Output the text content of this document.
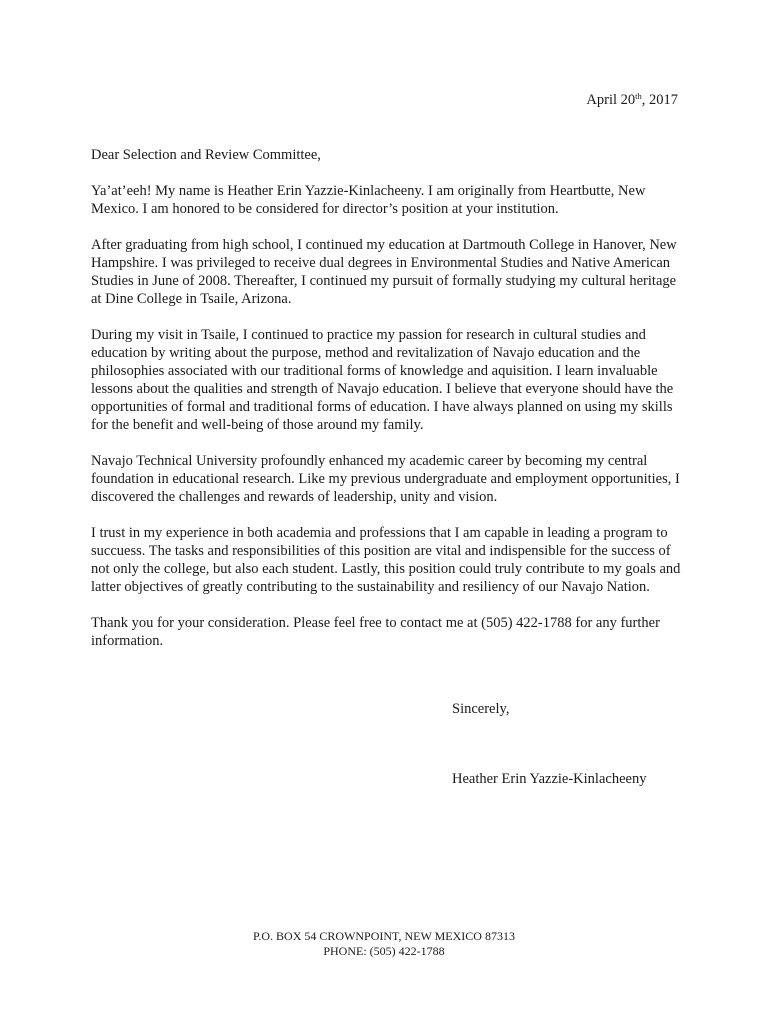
April 20th, 2017

Dear Selection and Review Committee,

Ya’at’eeh! My name is Heather Erin Yazzie-Kinlacheeny. I am originally from Heartbutte, New Mexico. I am honored to be considered for director’s position at your institution.

After graduating from high school, I continued my education at Dartmouth College in Hanover, New Hampshire. I was privileged to receive dual degrees in Environmental Studies and Native American Studies in June of 2008. Thereafter, I continued my pursuit of formally studying my cultural heritage at Dine College in Tsaile, Arizona.

During my visit in Tsaile, I continued to practice my passion for research in cultural studies and education by writing about the purpose, method and revitalization of Navajo education and the philosophies associated with our traditional forms of knowledge and aquisition. I learn invaluable lessons about the qualities and strength of Navajo education. I believe that everyone should have the opportunities of formal and traditional forms of education. I have always planned on using my skills for the benefit and well-being of those around my family.

Navajo Technical University profoundly enhanced my academic career by becoming my central foundation in educational research. Like my previous undergraduate and employment opportunities, I discovered the challenges and rewards of leadership, unity and vision.

I trust in my experience in both academia and professions that I am capable in leading a program to succuess. The tasks and responsibilities of this position are vital and indispensible for the success of not only the college, but also each student. Lastly, this position could truly contribute to my goals and latter objectives of greatly contributing to the sustainability and resiliency of our Navajo Nation.

Thank you for your consideration. Please feel free to contact me at (505) 422-1788 for any further information.

Sincerely,
Heather Erin Yazzie-Kinlacheeny
P.O. BOX 54 CROWNPOINT, NEW MEXICO 87313
PHONE: (505) 422-1788
